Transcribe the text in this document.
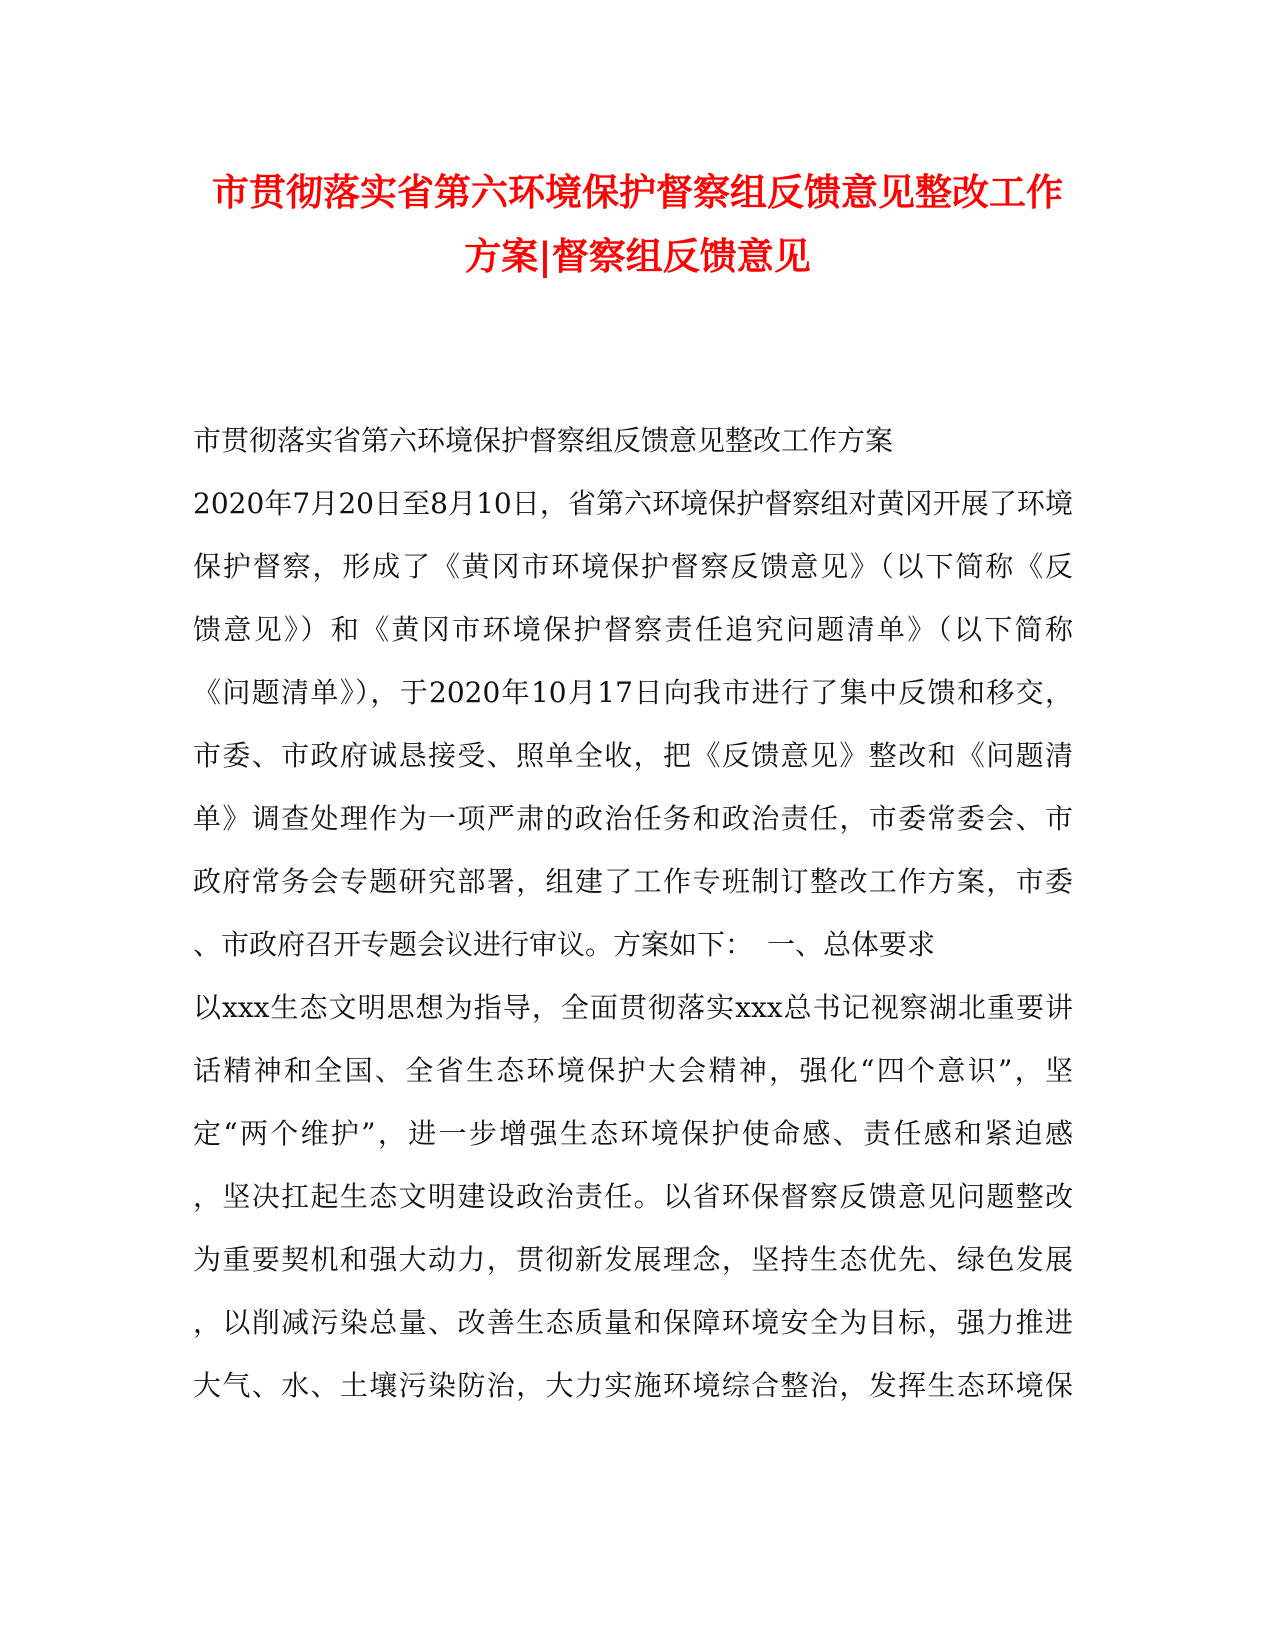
市贯彻落实省第六环境保护督察组反馈意见整改工作
方案|督察组反馈意见
市贯彻落实省第六环境保护督察组反馈意见整改工作方案
2020年7月20日至8月10日，省第六环境保护督察组对黄冈开展了环境
保护督察，形成了《黄冈市环境保护督察反馈意见》（以下简称《反
馈意见》）和《黄冈市环境保护督察责任追究问题清单》（以下简称
《问题清单》），于2020年10月17日向我市进行了集中反馈和移交，
市委、市政府诚恳接受、照单全收，把《反馈意见》整改和《问题清
单》调查处理作为一项严肃的政治任务和政治责任，市委常委会、市
政府常务会专题研究部署，组建了工作专班制订整改工作方案，市委
、市政府召开专题会议进行审议。方案如下：　一、总体要求
以xxx生态文明思想为指导，全面贯彻落实xxx总书记视察湖北重要讲
话精神和全国、全省生态环境保护大会精神，强化“四个意识”，坚
定“两个维护”，进一步增强生态环境保护使命感、责任感和紧迫感
，坚决扛起生态文明建设政治责任。以省环保督察反馈意见问题整改
为重要契机和强大动力，贯彻新发展理念，坚持生态优先、绿色发展
，以削减污染总量、改善生态质量和保障环境安全为目标，强力推进
大气、水、土壤污染防治，大力实施环境综合整治，发挥生态环境保
